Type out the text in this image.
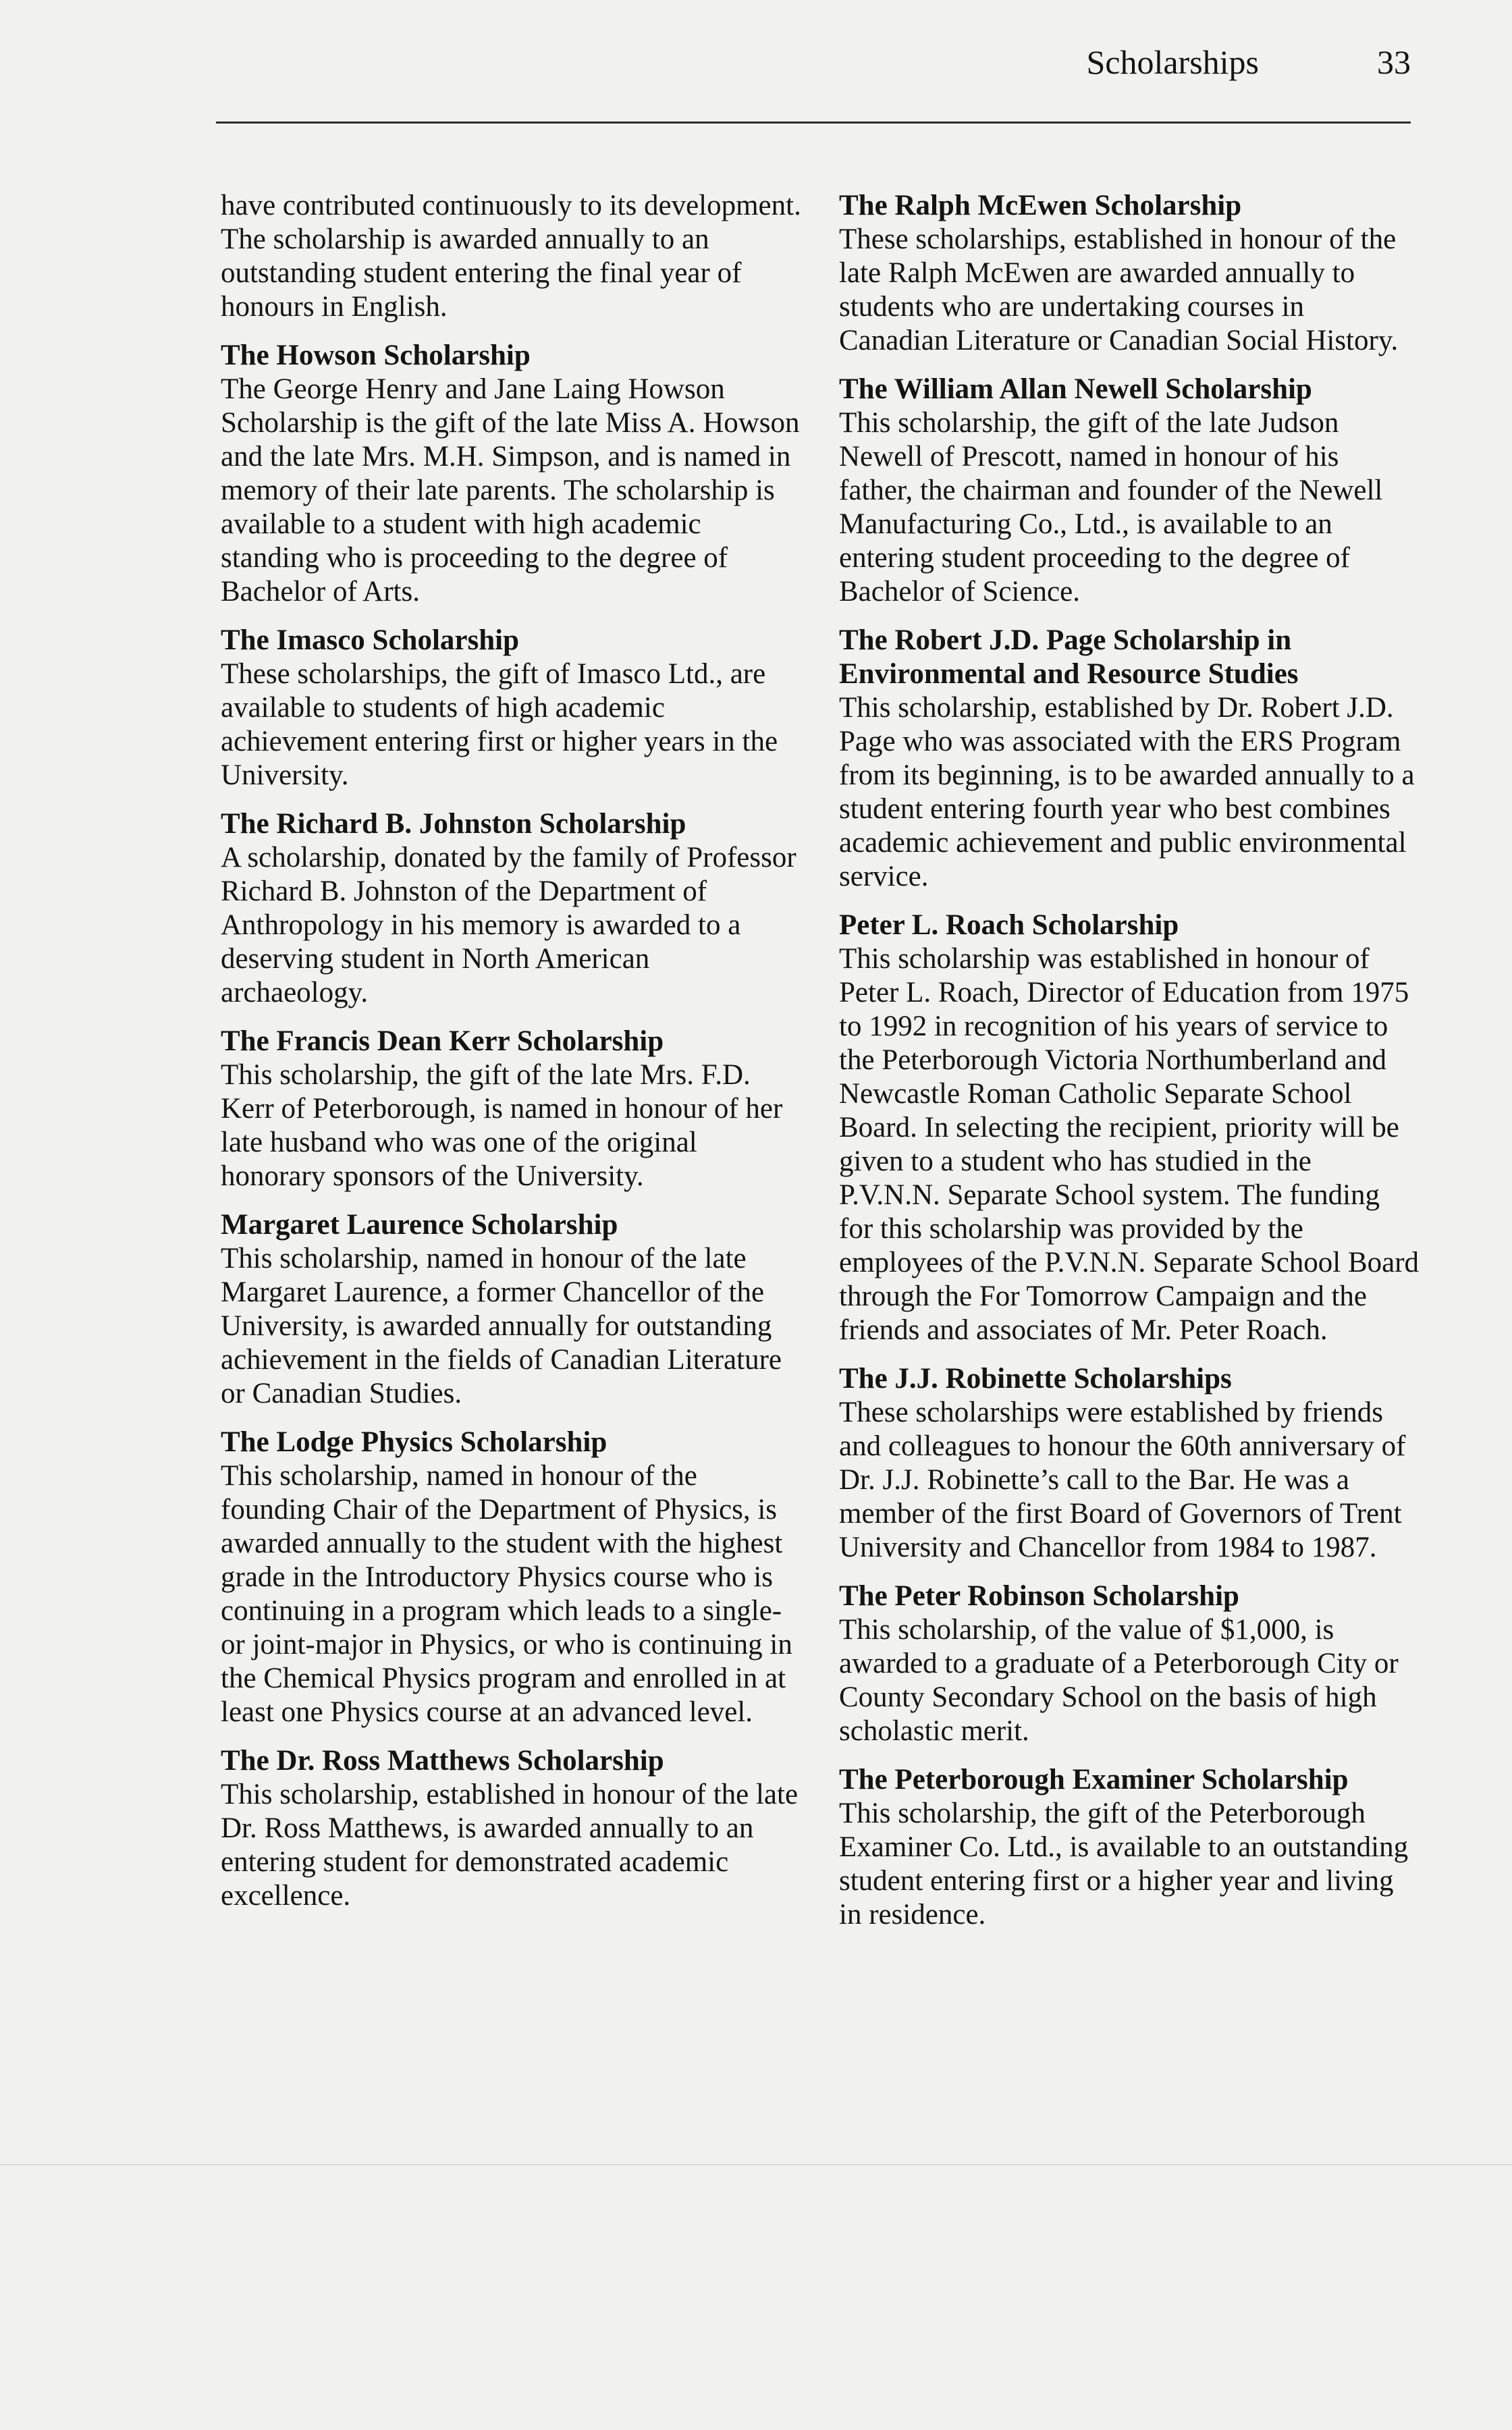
Scholarships	33

have contributed continuously to its development. The scholarship is awarded annually to an outstanding student entering the final year of honours in English.

The Howson Scholarship

The George Henry and Jane Laing Howson Scholarship is the gift of the late Miss A. Howson and the late Mrs. M.H. Simpson, and is named in memory of their late parents. The scholarship is available to a student with high academic standing who is proceeding to the degree of Bachelor of Arts.

The Imasco Scholarship

These scholarships, the gift of Imasco Ltd., are available to students of high academic achievement entering first or higher years in the University.

The Richard B. Johnston Scholarship

A scholarship, donated by the family of Professor Richard B. Johnston of the Department of Anthropology in his memory is awarded to a deserving student in North American archaeology.

The Francis Dean Kerr Scholarship

This scholarship, the gift of the late Mrs. F.D. Kerr of Peterborough, is named in honour of her late husband who was one of the original honorary sponsors of the University.

Margaret Laurence Scholarship

This scholarship, named in honour of the late Margaret Laurence, a former Chancellor of the University, is awarded annually for outstanding achievement in the fields of Canadian Literature or Canadian Studies.

The Lodge Physics Scholarship

This scholarship, named in honour of the founding Chair of the Department of Physics, is awarded annually to the student with the highest grade in the Introductory Physics course who is continuing in a program which leads to a single- or joint-major in Physics, or who is continuing in the Chemical Physics program and enrolled in at least one Physics course at an advanced level.

The Dr. Ross Matthews Scholarship

This scholarship, established in honour of the late Dr. Ross Matthews, is awarded annually to an entering student for demonstrated academic excellence.

The Ralph McEwen Scholarship

These scholarships, established in honour of the late Ralph McEwen are awarded annually to students who are undertaking courses in Canadian Literature or Canadian Social History.

The William Allan Newell Scholarship

This scholarship, the gift of the late Judson Newell of Prescott, named in honour of his father, the chairman and founder of the Newell Manufacturing Co., Ltd., is available to an entering student proceeding to the degree of Bachelor of Science.

The Robert J.D. Page Scholarship in Environmental and Resource Studies

This scholarship, established by Dr. Robert J.D. Page who was associated with the ERS Program from its beginning, is to be awarded annually to a student entering fourth year who best combines academic achievement and public environmental service.

Peter L. Roach Scholarship

This scholarship was established in honour of Peter L. Roach, Director of Education from 1975 to 1992 in recognition of his years of service to the Peterborough Victoria Northumberland and Newcastle Roman Catholic Separate School Board. In selecting the recipient, priority will be given to a student who has studied in the P.V.N.N. Separate School system. The funding for this scholarship was provided by the employees of the P.V.N.N. Separate School Board through the For Tomorrow Campaign and the friends and associates of Mr. Peter Roach.

The J.J. Robinette Scholarships

These scholarships were established by friends and colleagues to honour the 60th anniversary of Dr. J.J. Robinette’s call to the Bar. He was a member of the first Board of Governors of Trent University and Chancellor from 1984 to 1987.

The Peter Robinson Scholarship

This scholarship, of the value of $1,000, is awarded to a graduate of a Peterborough City or County Secondary School on the basis of high scholastic merit.

The Peterborough Examiner Scholarship

This scholarship, the gift of the Peterborough Examiner Co. Ltd., is available to an outstanding student entering first or a higher year and living in residence.
